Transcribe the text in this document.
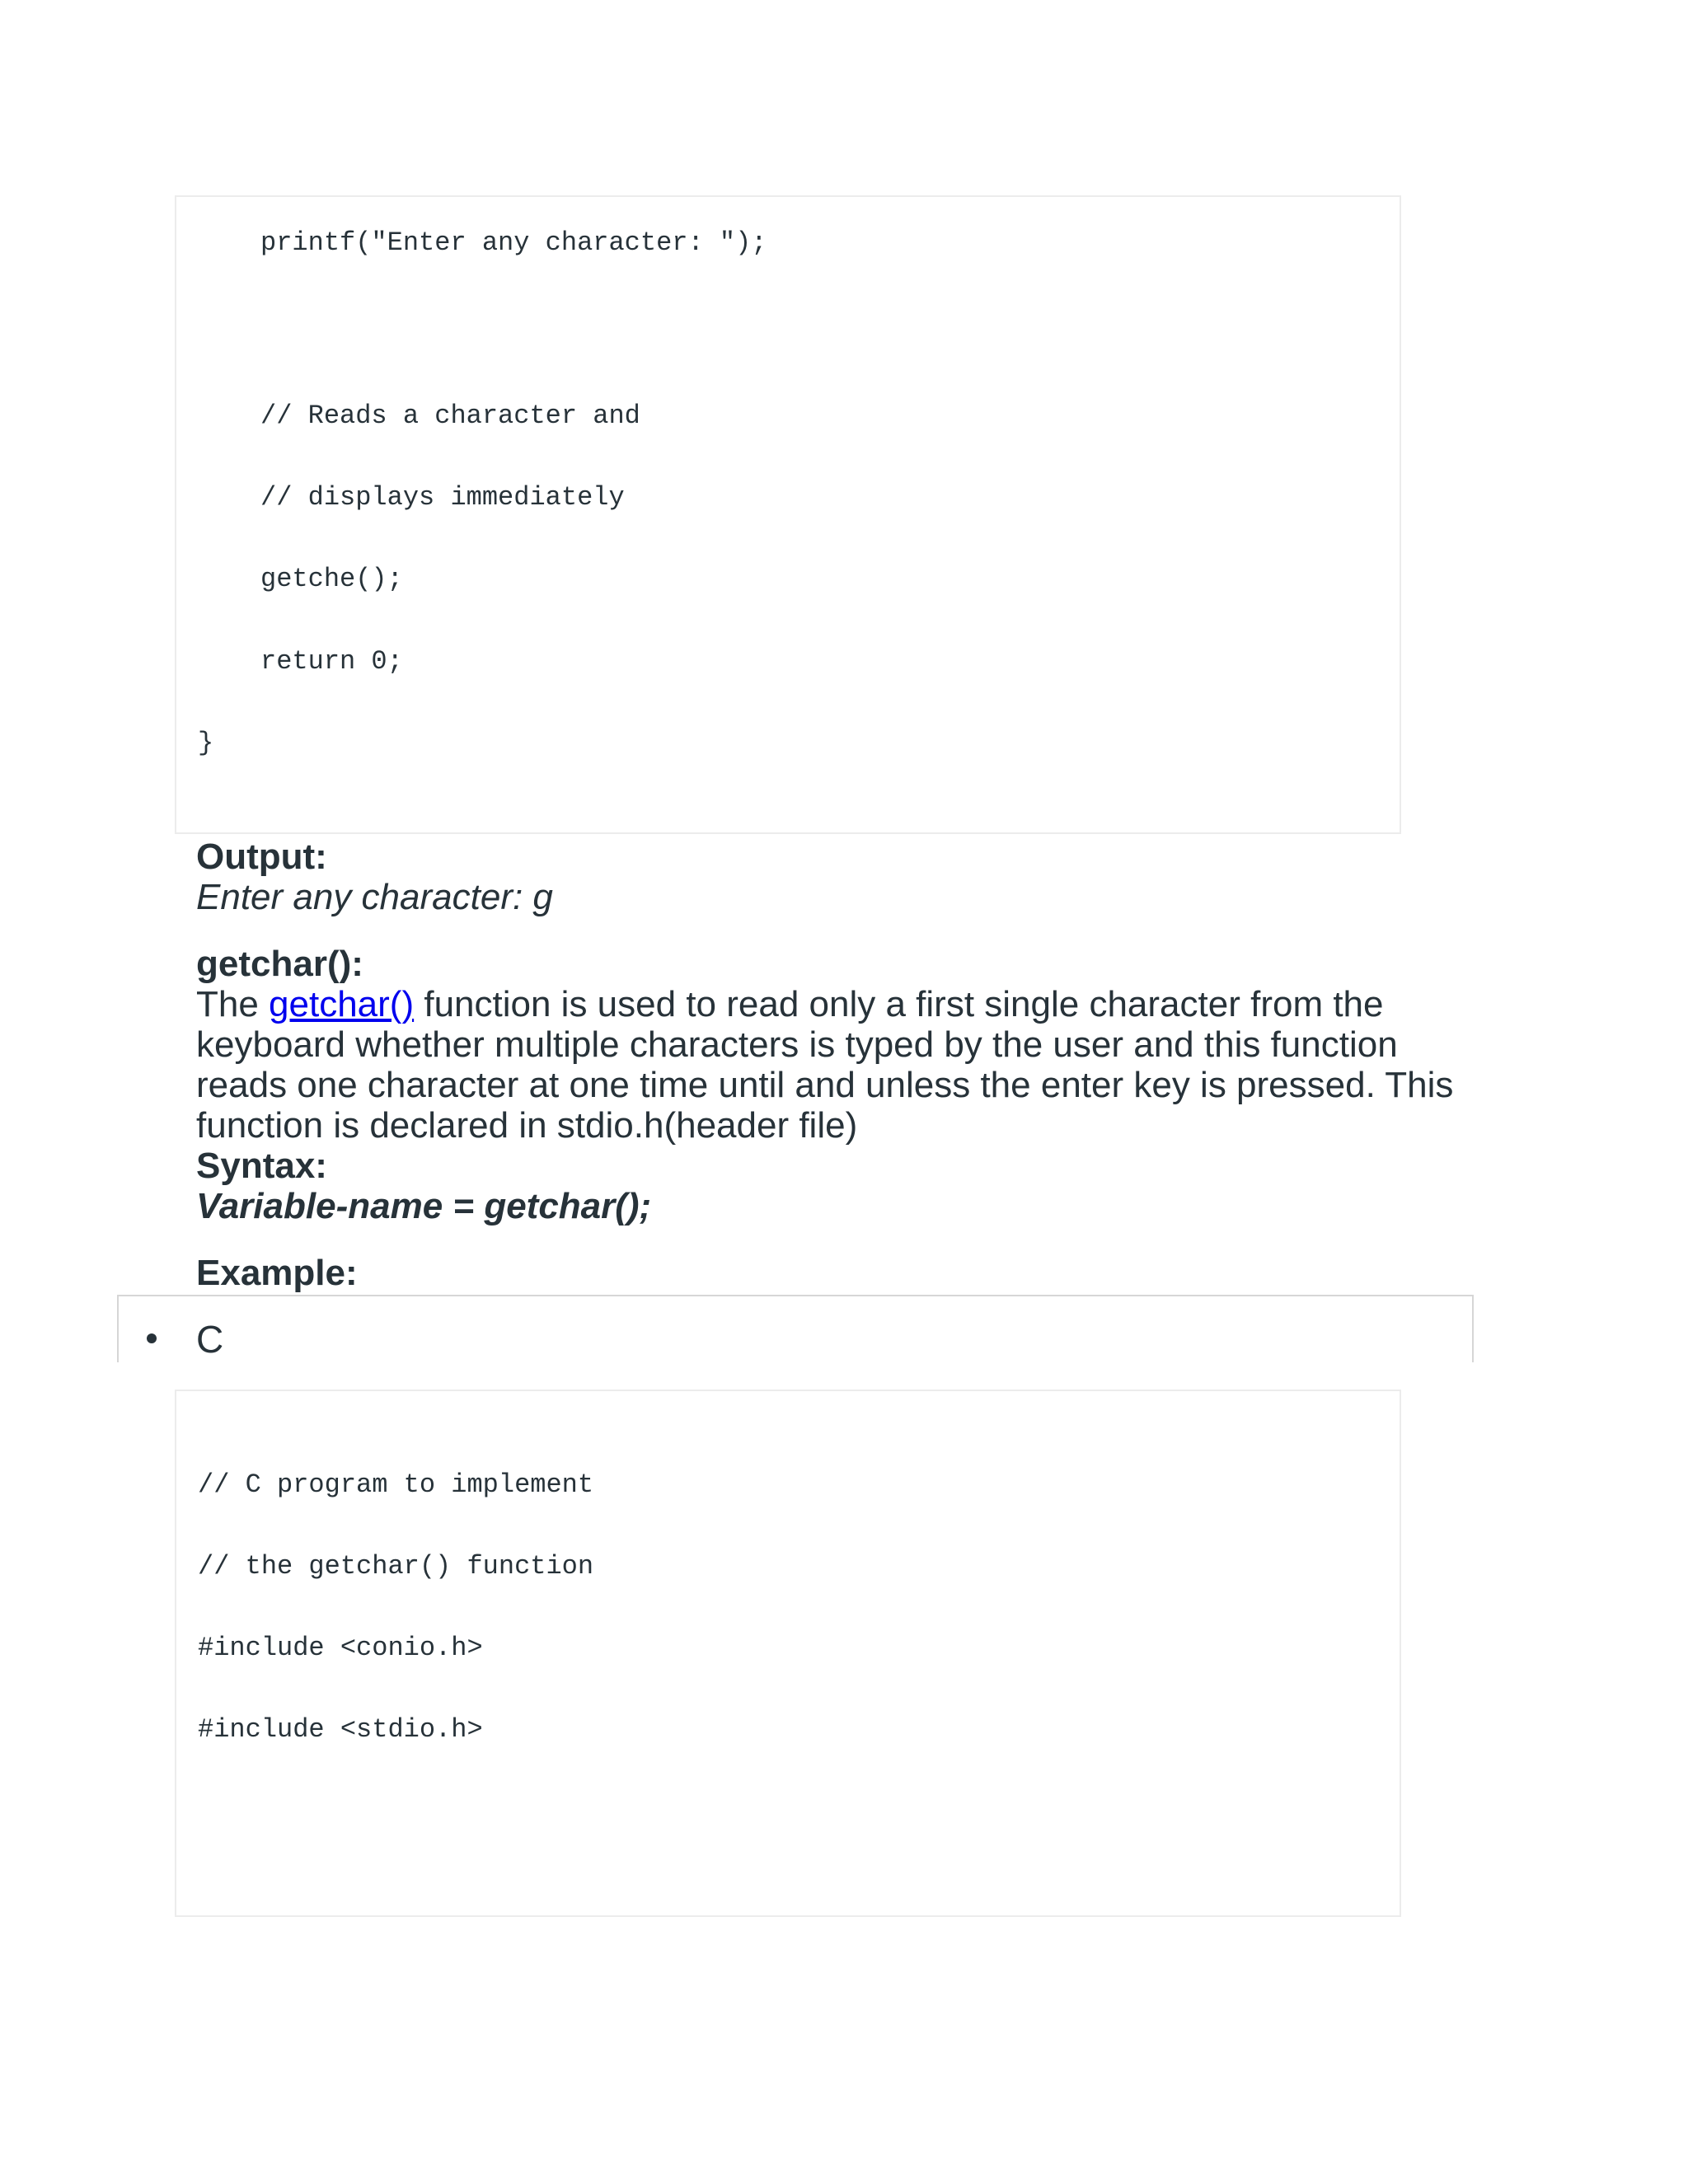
printf("Enter any character: ");
// Reads a character and
// displays immediately
getche();
return 0;
}

Output:

Enter any character: g

getchar():

The getchar() function is used to read only a first single character from the

keyboard whether multiple characters is typed by the user and this function

reads one character at one time until and unless the enter key is pressed. This

function is declared in stdio.h(header file)

Syntax:

Variable-name = getchar();

Example:

C
// C program to implement
// the getchar() function
#include <conio.h>
#include <stdio.h>
